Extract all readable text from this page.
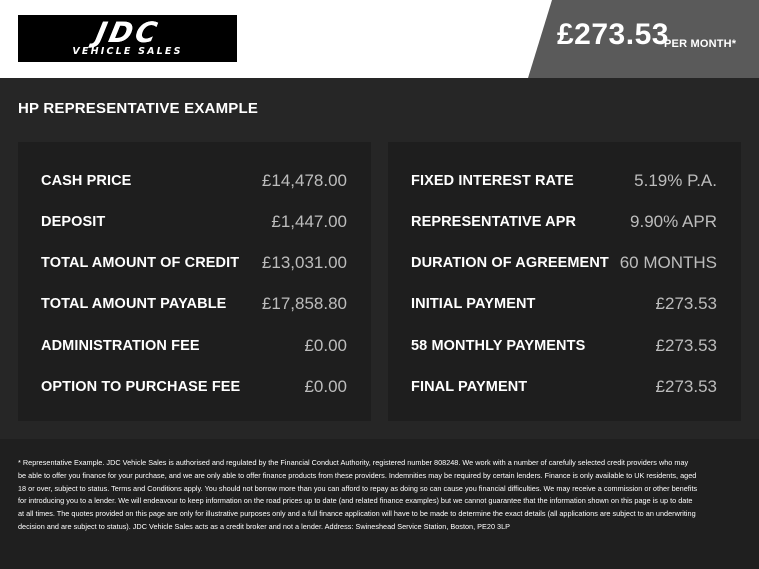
JDC
VEHICLE SALES	£273.53
PER MONTH*
HP REPRESENTATIVE EXAMPLE
CASH PRICE	£14,478.00
DEPOSIT	£1,447.00
TOTAL AMOUNT OF CREDIT £13,031.00
TOTAL AMOUNT PAYABLE £17,858.80
ADMINISTRATION FEE	£0.00
OPTION TO PURCHASE FEE	£0.00
FIXED INTEREST RATE	5.19% P.A.
REPRESENTATIVE APR	9.90% APR
DURATION OF AGREEMENT 60 MONTHS
INITIAL PAYMENT	£273.53
58 MONTHLY PAYMENTS	£273.53
FINAL PAYMENT	£273.53

* Representative Example. JDC Vehicle Sales is authorised and regulated by the Financial Conduct Authority, registered number 808248. We work with a number of carefully selected credit providers who may be able to offer you finance for your purchase, and we are only able to offer finance products from these providers. Indemnities may be required by certain lenders. Finance is only available to UK residents, aged 18 or over, subject to status. Terms and Conditions apply. You should not borrow more than you can afford to repay as doing so can cause you financial difficulties. We may receive a commission or other benefits for introducing you to a lender. We will endeavour to keep information on the road prices up to date (and related finance examples) but we cannot guarantee that the information shown on this page is up to date at all times. The quotes provided on this page are only for illustrative purposes only and a full finance application will have to be made to determine the exact details (all applications are subject to an underwriting decision and are subject to status). JDC Vehicle Sales acts as a credit broker and not a lender. Address: Swineshead Service Station, Boston, PE20 3LP
